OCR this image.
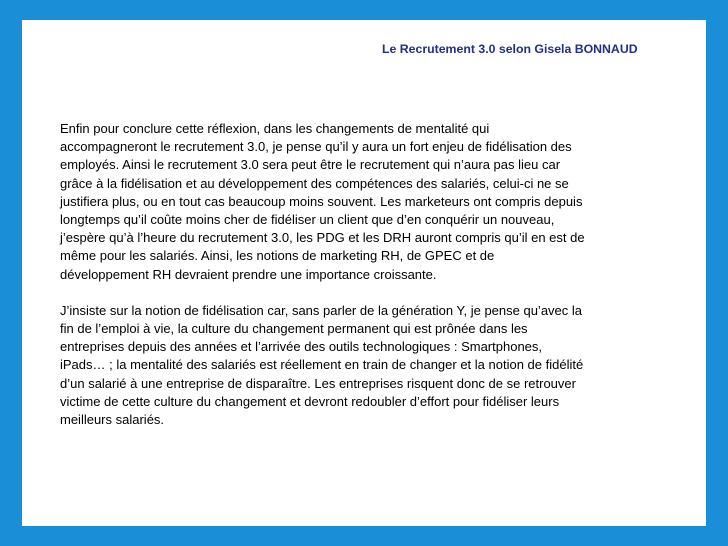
Le Recrutement 3.0 selon Gisela BONNAUD

Enfin pour conclure cette réflexion, dans les changements de mentalité qui
accompagneront le recrutement 3.0, je pense qu’il y aura un fort enjeu de fidélisation des
employés. Ainsi le recrutement 3.0 sera peut être le recrutement qui n’aura pas lieu car
grâce à la fidélisation et au développement des compétences des salariés, celui-ci ne se
justifiera plus, ou en tout cas beaucoup moins souvent. Les marketeurs ont compris depuis
longtemps qu’il coûte moins cher de fidéliser un client que d’en conquérir un nouveau,
j’espère qu’à l’heure du recrutement 3.0, les PDG et les DRH auront compris qu’il en est de
même pour les salariés. Ainsi, les notions de marketing RH, de GPEC et de
développement RH devraient prendre une importance croissante.

J’insiste sur la notion de fidélisation car, sans parler de la génération Y, je pense qu’avec la
fin de l’emploi à vie, la culture du changement permanent qui est prônée dans les
entreprises depuis des années et l’arrivée des outils technologiques : Smartphones,
iPads… ; la mentalité des salariés est réellement en train de changer et la notion de fidélité
d’un salarié à une entreprise de disparaître. Les entreprises risquent donc de se retrouver
victime de cette culture du changement et devront redoubler d’effort pour fidéliser leurs
meilleurs salariés.
